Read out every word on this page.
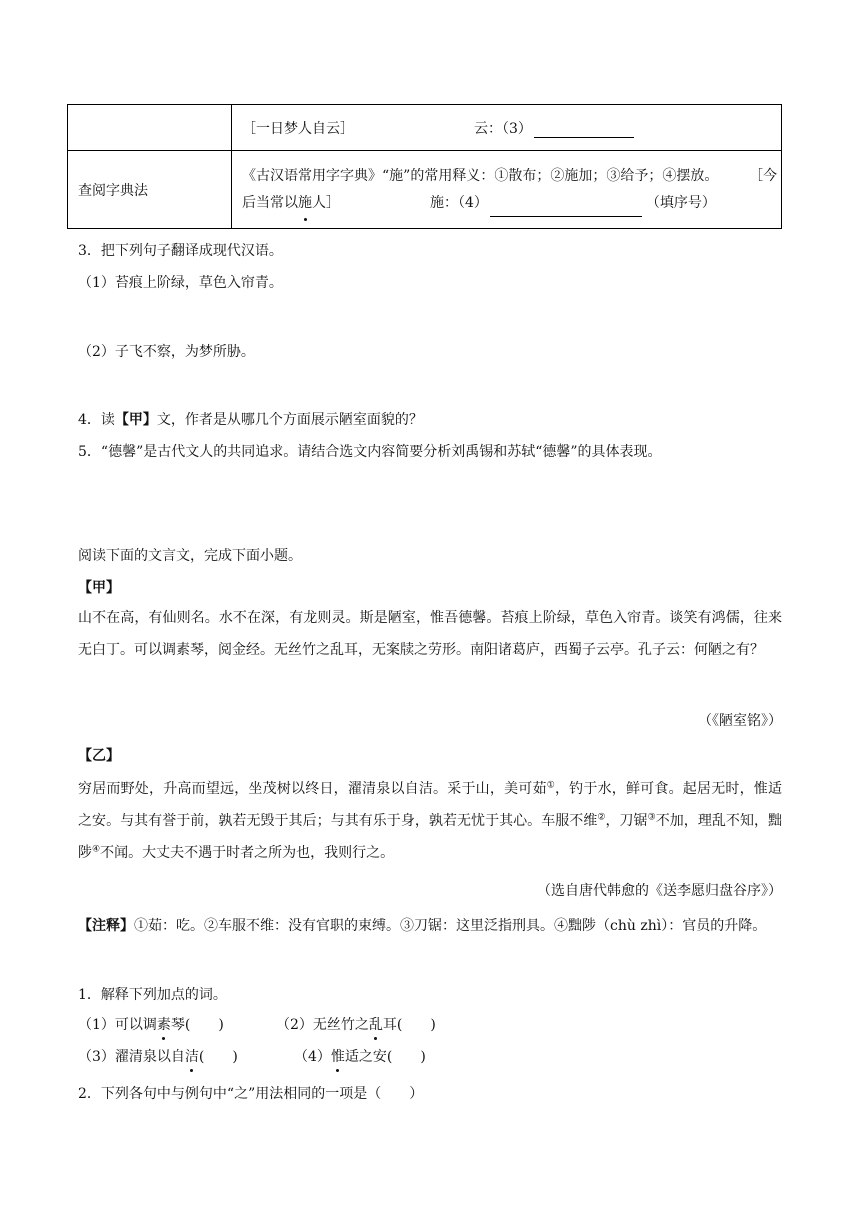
	［一日梦人自云］ 云：（3）
查阅字典法	《古汉语常用字字典》“施”的常用释义：①散布；②施加；③给予；④摆放。 ［今
后当常以施人］ 施：（4） （填序号）
3．把下列句子翻译成现代汉语。
（1）苔痕上阶绿，草色入帘青。
（2）子飞不察，为梦所胁。
4．读【甲】文，作者是从哪几个方面展示陋室面貌的？
5．“德馨”是古代文人的共同追求。请结合选文内容简要分析刘禹锡和苏轼“德馨”的具体表现。
阅读下面的文言文，完成下面小题。
【甲】
山不在高，有仙则名。水不在深，有龙则灵。斯是陋室，惟吾德馨。苔痕上阶绿，草色入帘青。谈笑有鸿儒，往来无白丁。可以调素琴，阅金经。无丝竹之乱耳，无案牍之劳形。南阳诸葛庐，西蜀子云亭。孔子云：何陋之有？
（《陋室铭》）
【乙】
穷居而野处，升高而望远，坐茂树以终日，濯清泉以自洁。采于山，美可茹①，钓于水，鲜可食。起居无时，惟适之安。与其有誉于前，孰若无毁于其后；与其有乐于身，孰若无忧于其心。车服不维②，刀锯③不加，理乱不知，黜陟④不闻。大丈夫不遇于时者之所为也，我则行之。
（选自唐代韩愈的《送李愿归盘谷序》）
【注释】①茹：吃。②车服不维：没有官职的束缚。③刀锯：这里泛指刑具。④黜陟（chù zhì）：官员的升降。
1．解释下列加点的词。
（1）可以调素琴(　　)	（2）无丝竹之乱耳(　　)
（3）濯清泉以自洁(　　)	（4）惟适之安(　　)
2．下列各句中与例句中“之”用法相同的一项是（　　）
